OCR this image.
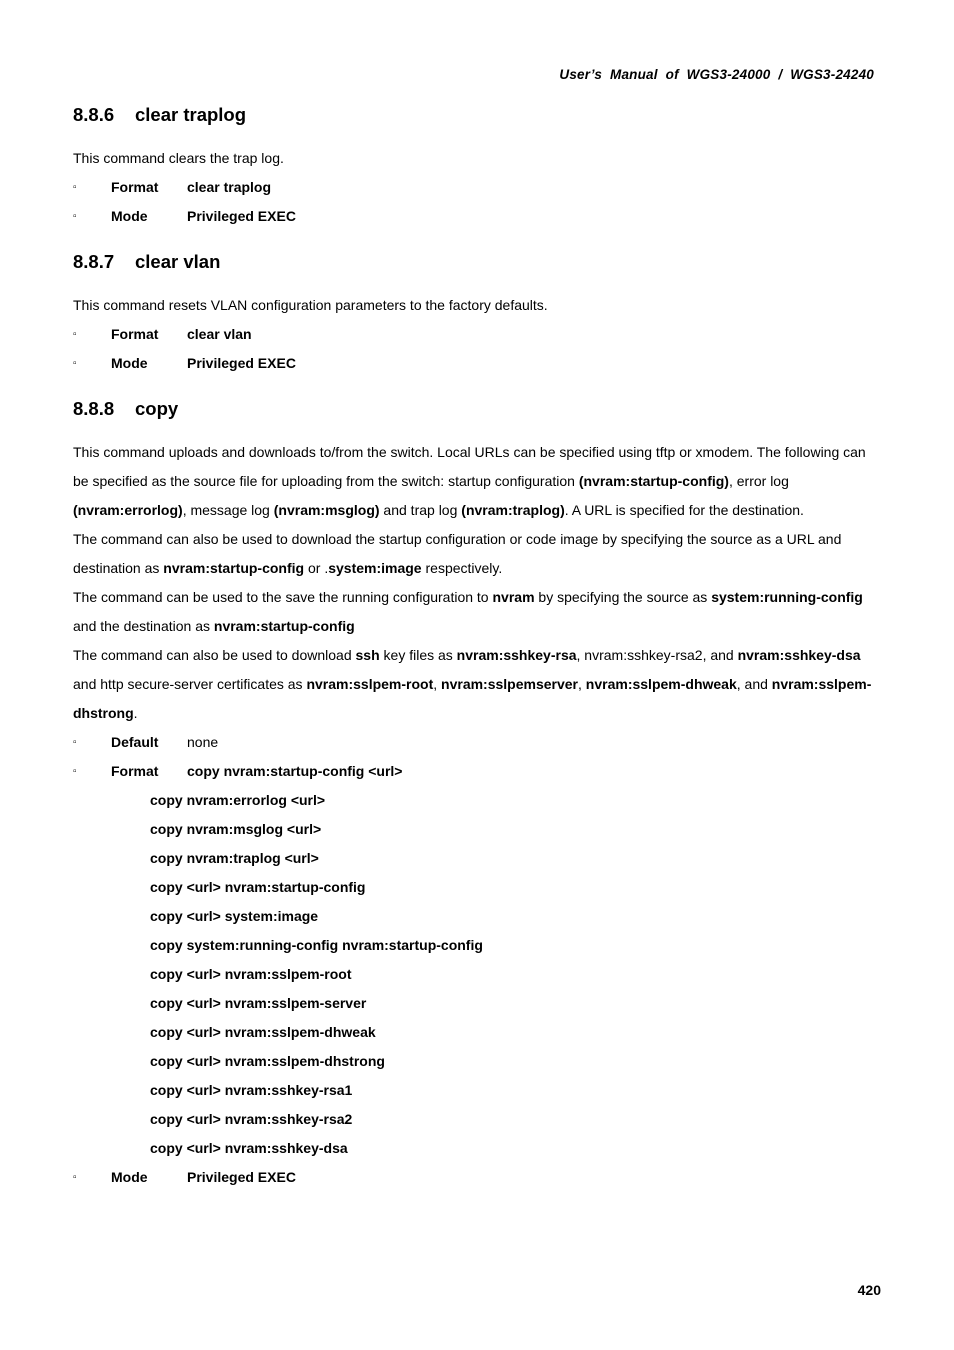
User’s  Manual  of  WGS3-24000  /  WGS3-24240
8.8.6 clear traplog

This command clears the trap log.

▫ Format clear traplog
▫ Mode	Privileged EXEC
8.8.7 clear vlan

This command resets VLAN configuration parameters to the factory defaults.

▫ Format clear vlan
▫ Mode	Privileged EXEC
8.8.8 copy

This command uploads and downloads to/from the switch. Local URLs can be specified using tftp or xmodem. The following can be specified as the source file for uploading from the switch: startup configuration (nvram:startup-config), error log (nvram:errorlog), message log (nvram:msglog) and trap log (nvram:traplog). A URL is specified for the destination.

The command can also be used to download the startup configuration or code image by specifying the source as a URL and destination as nvram:startup-config or .system:image respectively.

The command can be used to the save the running configuration to nvram by specifying the source as system:running-config and the destination as nvram:startup-config

The command can also be used to download ssh key files as nvram:sshkey-rsa, nvram:sshkey-rsa2, and nvram:sshkey-dsa and http secure-server certificates as nvram:sslpem-root, nvram:sslpemserver, nvram:sslpem-dhweak, and nvram:sslpem-dhstrong.

▫ Default none
▫ Format copy nvram:startup-config <url>
copy nvram:errorlog <url>
copy nvram:msglog <url>
copy nvram:traplog <url>
copy <url> nvram:startup-config
copy <url> system:image
copy system:running-config nvram:startup-config
copy <url> nvram:sslpem-root
copy <url> nvram:sslpem-server
copy <url> nvram:sslpem-dhweak
copy <url> nvram:sslpem-dhstrong
copy <url> nvram:sshkey-rsa1
copy <url> nvram:sshkey-rsa2
copy <url> nvram:sshkey-dsa
▫ Mode	Privileged EXEC
420
